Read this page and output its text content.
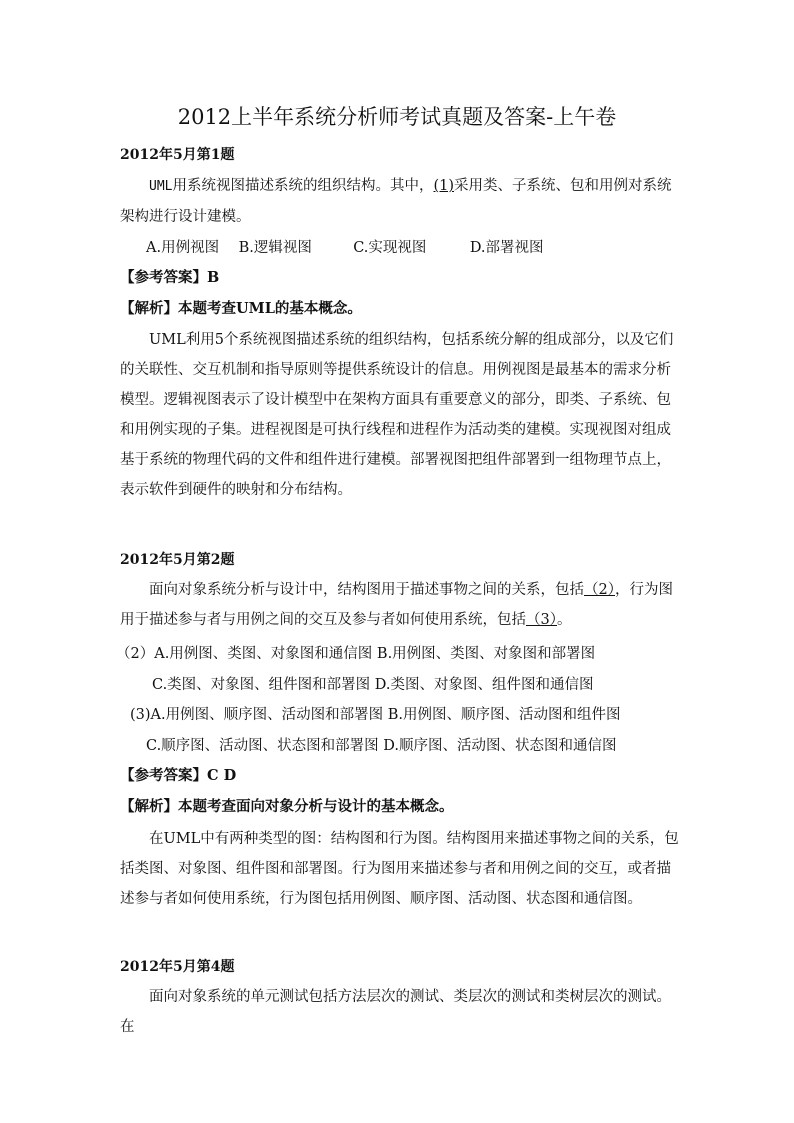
2012上半年系统分析师考试真题及答案-上午卷
2012年5月第1题

UML用系统视图描述系统的组织结构。其中，(1)采用类、子系统、包和用例对系统架构进行设计建模。

A.用例视图 B.逻辑视图	C.实现视图	D.部署视图
【参考答案】B
【解析】本题考查UML的基本概念。

UML利用5个系统视图描述系统的组织结构，包括系统分解的组成部分，以及它们的关联性、交互机制和指导原则等提供系统设计的信息。用例视图是最基本的需求分析模型。逻辑视图表示了设计模型中在架构方面具有重要意义的部分，即类、子系统、包和用例实现的子集。进程视图是可执行线程和进程作为活动类的建模。实现视图对组成基于系统的物理代码的文件和组件进行建模。部署视图把组件部署到一组物理节点上，表示软件到硬件的映射和分布结构。

2012年5月第2题

面向对象系统分析与设计中，结构图用于描述事物之间的关系，包括（2），行为图用于描述参与者与用例之间的交互及参与者如何使用系统，包括（3）。

（2）A.用例图、类图、对象图和通信图 B.用例图、类图、对象图和部署图
C.类图、对象图、组件图和部署图 D.类图、对象图、组件图和通信图
(3)A.用例图、顺序图、活动图和部署图 B.用例图、顺序图、活动图和组件图
C.顺序图、活动图、状态图和部署图 D.顺序图、活动图、状态图和通信图
【参考答案】C D
【解析】本题考查面向对象分析与设计的基本概念。

在UML中有两种类型的图：结构图和行为图。结构图用来描述事物之间的关系，包括类图、对象图、组件图和部署图。行为图用来描述参与者和用例之间的交互，或者描述参与者如何使用系统，行为图包括用例图、顺序图、活动图、状态图和通信图。

2012年5月第4题

面向对象系统的单元测试包括方法层次的测试、类层次的测试和类树层次的测试。在
